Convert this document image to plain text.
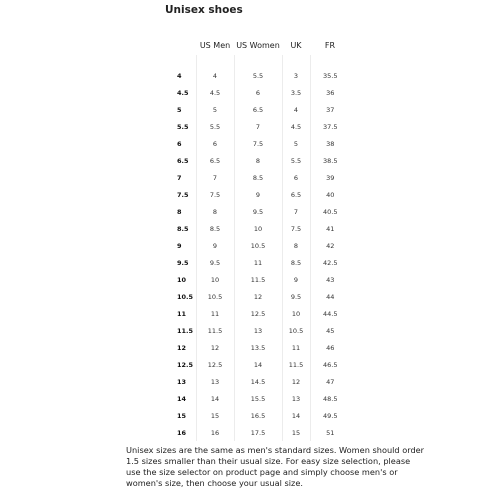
Unisex shoes
	US Men	US Women	UK	FR

4	4	5.5	3	35.5
4.5	4.5	6	3.5	36
5	5	6.5	4	37
5.5	5.5	7	4.5	37.5
6	6	7.5	5	38
6.5	6.5	8	5.5	38.5
7	7	8.5	6	39
7.5	7.5	9	6.5	40
8	8	9.5	7	40.5
8.5	8.5	10	7.5	41
9	9	10.5	8	42
9.5	9.5	11	8.5	42.5
10	10	11.5	9	43
10.5	10.5	12	9.5	44
11	11	12.5	10	44.5
11.5	11.5	13	10.5	45
12	12	13.5	11	46
12.5	12.5	14	11.5	46.5
13	13	14.5	12	47
14	14	15.5	13	48.5
15	15	16.5	14	49.5
16	16	17.5	15	51
Unisex sizes are the same as men's standard sizes. Women should order 1.5 sizes smaller than their usual size. For easy size selection, please use the size selector on product page and simply choose men's or women's size, then choose your usual size.
